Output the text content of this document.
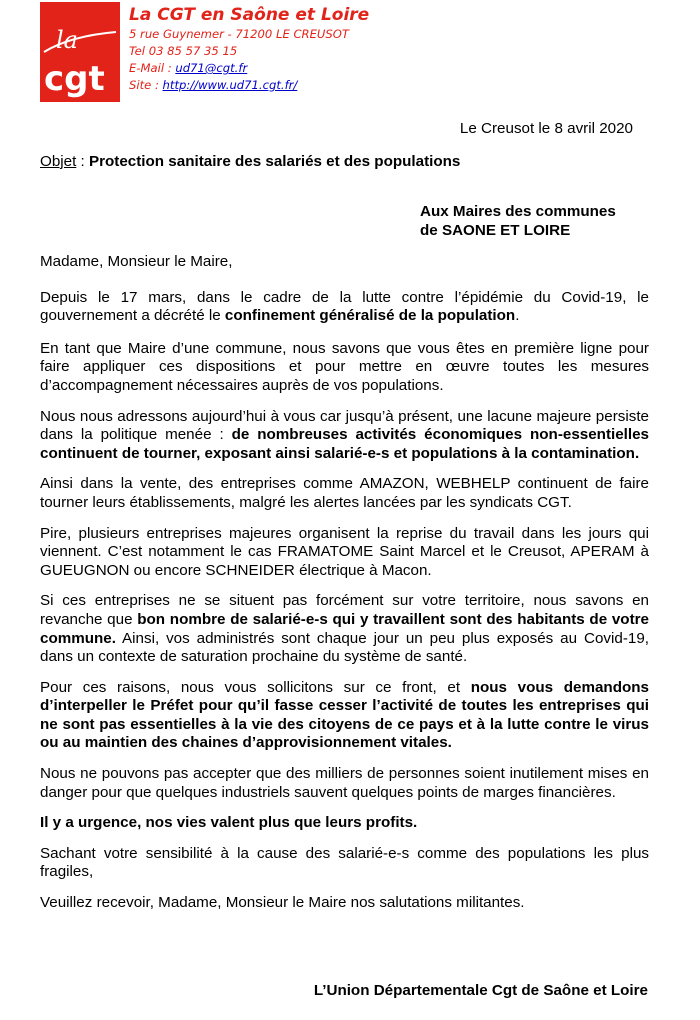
la
cgt
La CGT en Saône et Loire
5 rue Guynemer - 71200 LE CREUSOT
Tel 03 85 57 35 15
E-Mail : ud71@cgt.fr
Site : http://www.ud71.cgt.fr/
Le Creusot le 8 avril 2020
Objet : Protection sanitaire des salariés et des populations
Aux Maires des communes
de SAONE ET LOIRE

Madame, Monsieur le Maire,

Depuis le 17 mars, dans le cadre de la lutte contre l’épidémie du Covid-19, le gouvernement a décrété le confinement généralisé de la population.

En tant que Maire d’une commune, nous savons que vous êtes en première ligne pour faire appliquer ces dispositions et pour mettre en œuvre toutes les mesures d’accompagnement nécessaires auprès de vos populations.

Nous nous adressons aujourd’hui à vous car jusqu’à présent, une lacune majeure persiste dans la politique menée : de nombreuses activités économiques non-essentielles continuent de tourner, exposant ainsi salarié-e-s et populations à la contamination.

Ainsi dans la vente, des entreprises comme AMAZON, WEBHELP continuent de faire tourner leurs établissements, malgré les alertes lancées par les syndicats CGT.

Pire, plusieurs entreprises majeures organisent la reprise du travail dans les jours qui viennent. C’est notamment le cas FRAMATOME Saint Marcel et le Creusot, APERAM à GUEUGNON ou encore SCHNEIDER électrique à Macon.

Si ces entreprises ne se situent pas forcément sur votre territoire, nous savons en revanche que bon nombre de salarié-e-s qui y travaillent sont des habitants de votre commune. Ainsi, vos administrés sont chaque jour un peu plus exposés au Covid-19, dans un contexte de saturation prochaine du système de santé.

Pour ces raisons, nous vous sollicitons sur ce front, et nous vous demandons d’interpeller le Préfet pour qu’il fasse cesser l’activité de toutes les entreprises qui ne sont pas essentielles à la vie des citoyens de ce pays et à la lutte contre le virus ou au maintien des chaines d’approvisionnement vitales.

Nous ne pouvons pas accepter que des milliers de personnes soient inutilement mises en danger pour que quelques industriels sauvent quelques points de marges financières.

Il y a urgence, nos vies valent plus que leurs profits.

Sachant votre sensibilité à la cause des salarié-e-s comme des populations les plus fragiles,

Veuillez recevoir, Madame, Monsieur le Maire nos salutations militantes.

L’Union Départementale Cgt de Saône et Loire
